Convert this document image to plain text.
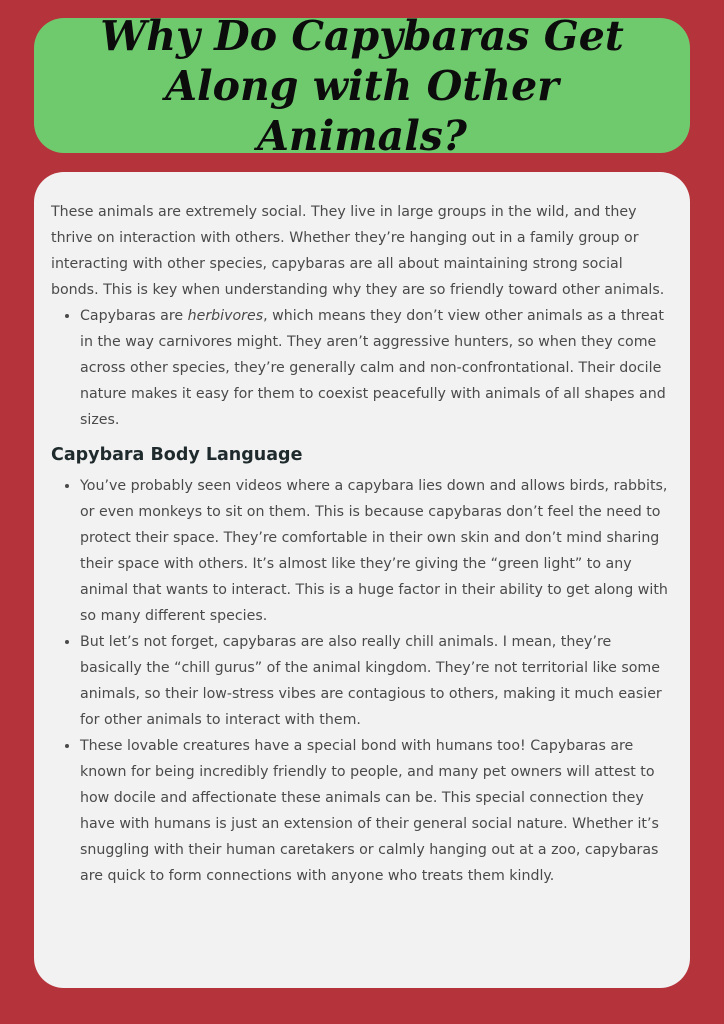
Why Do Capybaras Get Along with Other Animals?

These animals are extremely social. They live in large groups in the wild, and they thrive on interaction with others. Whether they’re hanging out in a family group or interacting with other species, capybaras are all about maintaining strong social bonds. This is key when understanding why they are so friendly toward other animals.

• Capybaras are herbivores, which means they don’t view other animals as a threat in the way carnivores might. They aren’t aggressive hunters, so when they come across other species, they’re generally calm and non-confrontational. Their docile nature makes it easy for them to coexist peacefully with animals of all shapes and sizes.
Capybara Body Language
• You’ve probably seen videos where a capybara lies down and allows birds, rabbits, or even monkeys to sit on them. This is because capybaras don’t feel the need to protect their space. They’re comfortable in their own skin and don’t mind sharing their space with others. It’s almost like they’re giving the “green light” to any animal that wants to interact. This is a huge factor in their ability to get along with so many different species.
• But let’s not forget, capybaras are also really chill animals. I mean, they’re basically the “chill gurus” of the animal kingdom. They’re not territorial like some animals, so their low-stress vibes are contagious to others, making it much easier for other animals to interact with them.
• These lovable creatures have a special bond with humans too! Capybaras are known for being incredibly friendly to people, and many pet owners will attest to how docile and affectionate these animals can be. This special connection they have with humans is just an extension of their general social nature. Whether it’s snuggling with their human caretakers or calmly hanging out at a zoo, capybaras are quick to form connections with anyone who treats them kindly.
